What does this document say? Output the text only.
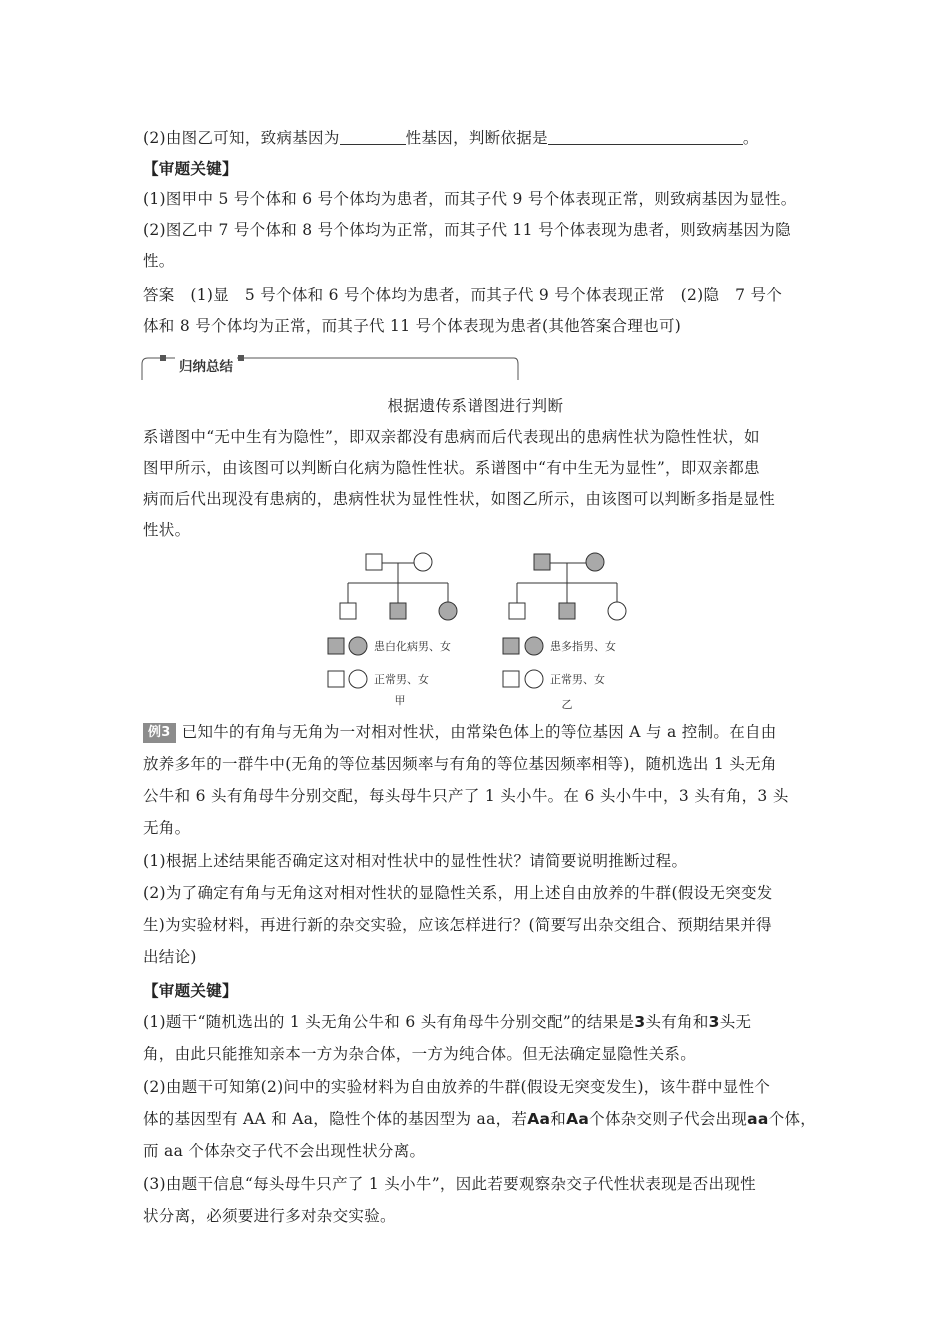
(2)由图乙可知，致病基因为	性基因，判断依据是	。
【审题关键】
(1)图甲中 5 号个体和 6 号个体均为患者，而其子代 9 号个体表现正常，则致病基因为显性。
(2)图乙中 7 号个体和 8 号个体均为正常，而其子代 11 号个体表现为患者，则致病基因为隐
性。
答案　(1)显　5 号个体和 6 号个体均为患者，而其子代 9 号个体表现正常　(2)隐　7 号个
体和 8 号个体均为正常，而其子代 11 号个体表现为患者(其他答案合理也可)
归纳总结
根据遗传系谱图进行判断
系谱图中“无中生有为隐性”，即双亲都没有患病而后代表现出的患病性状为隐性性状，如
图甲所示，由该图可以判断白化病为隐性性状。系谱图中“有中生无为显性”，即双亲都患
病而后代出现没有患病的，患病性状为显性性状，如图乙所示，由该图可以判断多指是显性
性状。
患白化病男、女
正常男、女
甲
患多指男、女
正常男、女
乙
例3 已知牛的有角与无角为一对相对性状，由常染色体上的等位基因 A 与 a 控制。在自由
放养多年的一群牛中(无角的等位基因频率与有角的等位基因频率相等)，随机选出 1 头无角
公牛和 6 头有角母牛分别交配，每头母牛只产了 1 头小牛。在 6 头小牛中，3 头有角，3 头
无角。
(1)根据上述结果能否确定这对相对性状中的显性性状？请简要说明推断过程。
(2)为了确定有角与无角这对相对性状的显隐性关系，用上述自由放养的牛群(假设无突变发
生)为实验材料，再进行新的杂交实验，应该怎样进行？(简要写出杂交组合、预期结果并得
出结论)
【审题关键】
(1)题干“随机选出的 1 头无角公牛和 6 头有角母牛分别交配”的结果是3头有角和3头无
角，由此只能推知亲本一方为杂合体，一方为纯合体。但无法确定显隐性关系。
(2)由题干可知第(2)问中的实验材料为自由放养的牛群(假设无突变发生)，该牛群中显性个
体的基因型有 AA 和 Aa，隐性个体的基因型为 aa，若Aa和Aa个体杂交则子代会出现aa个体，
而 aa 个体杂交子代不会出现性状分离。
(3)由题干信息“每头母牛只产了 1 头小牛”，因此若要观察杂交子代性状表现是否出现性
状分离，必须要进行多对杂交实验。
